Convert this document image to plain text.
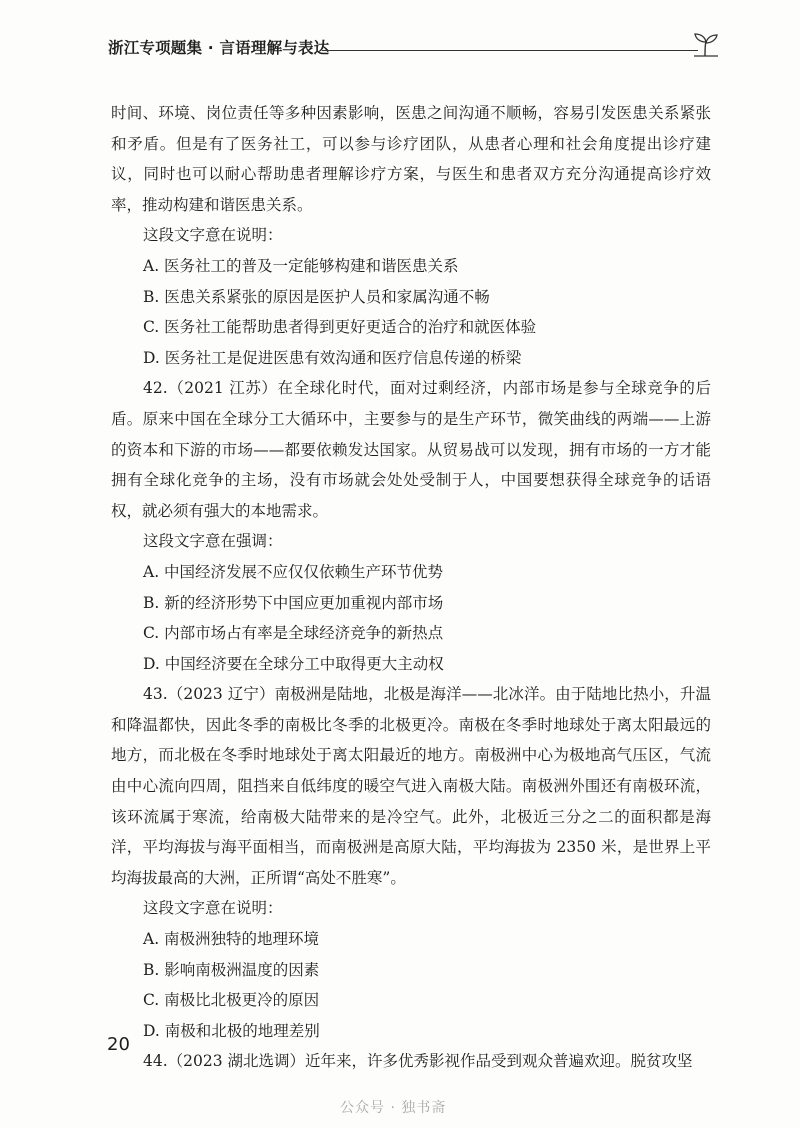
浙江专项题集 · 言语理解与表达

时间、环境、岗位责任等多种因素影响，医患之间沟通不顺畅，容易引发医患关系紧张和矛盾。但是有了医务社工，可以参与诊疗团队，从患者心理和社会角度提出诊疗建议，同时也可以耐心帮助患者理解诊疗方案，与医生和患者双方充分沟通提高诊疗效率，推动构建和谐医患关系。

这段文字意在说明：

A. 医务社工的普及一定能够构建和谐医患关系

B. 医患关系紧张的原因是医护人员和家属沟通不畅

C. 医务社工能帮助患者得到更好更适合的治疗和就医体验

D. 医务社工是促进医患有效沟通和医疗信息传递的桥梁

42.（2021 江苏）在全球化时代，面对过剩经济，内部市场是参与全球竞争的后盾。原来中国在全球分工大循环中，主要参与的是生产环节，微笑曲线的两端——上游的资本和下游的市场——都要依赖发达国家。从贸易战可以发现，拥有市场的一方才能拥有全球化竞争的主场，没有市场就会处处受制于人，中国要想获得全球竞争的话语权，就必须有强大的本地需求。

这段文字意在强调：

A. 中国经济发展不应仅仅依赖生产环节优势

B. 新的经济形势下中国应更加重视内部市场

C. 内部市场占有率是全球经济竞争的新热点

D. 中国经济要在全球分工中取得更大主动权

43.（2023 辽宁）南极洲是陆地，北极是海洋——北冰洋。由于陆地比热小，升温和降温都快，因此冬季的南极比冬季的北极更冷。南极在冬季时地球处于离太阳最远的地方，而北极在冬季时地球处于离太阳最近的地方。南极洲中心为极地高气压区，气流由中心流向四周，阻挡来自低纬度的暖空气进入南极大陆。南极洲外围还有南极环流，该环流属于寒流，给南极大陆带来的是冷空气。此外，北极近三分之二的面积都是海洋，平均海拔与海平面相当，而南极洲是高原大陆，平均海拔为 2350 米，是世界上平均海拔最高的大洲，正所谓“高处不胜寒”。

这段文字意在说明：

A. 南极洲独特的地理环境

B. 影响南极洲温度的因素

C. 南极比北极更冷的原因

D. 南极和北极的地理差别

44.（2023 湖北选调）近年来，许多优秀影视作品受到观众普遍欢迎。脱贫攻坚

20
公众号 · 独书斋
